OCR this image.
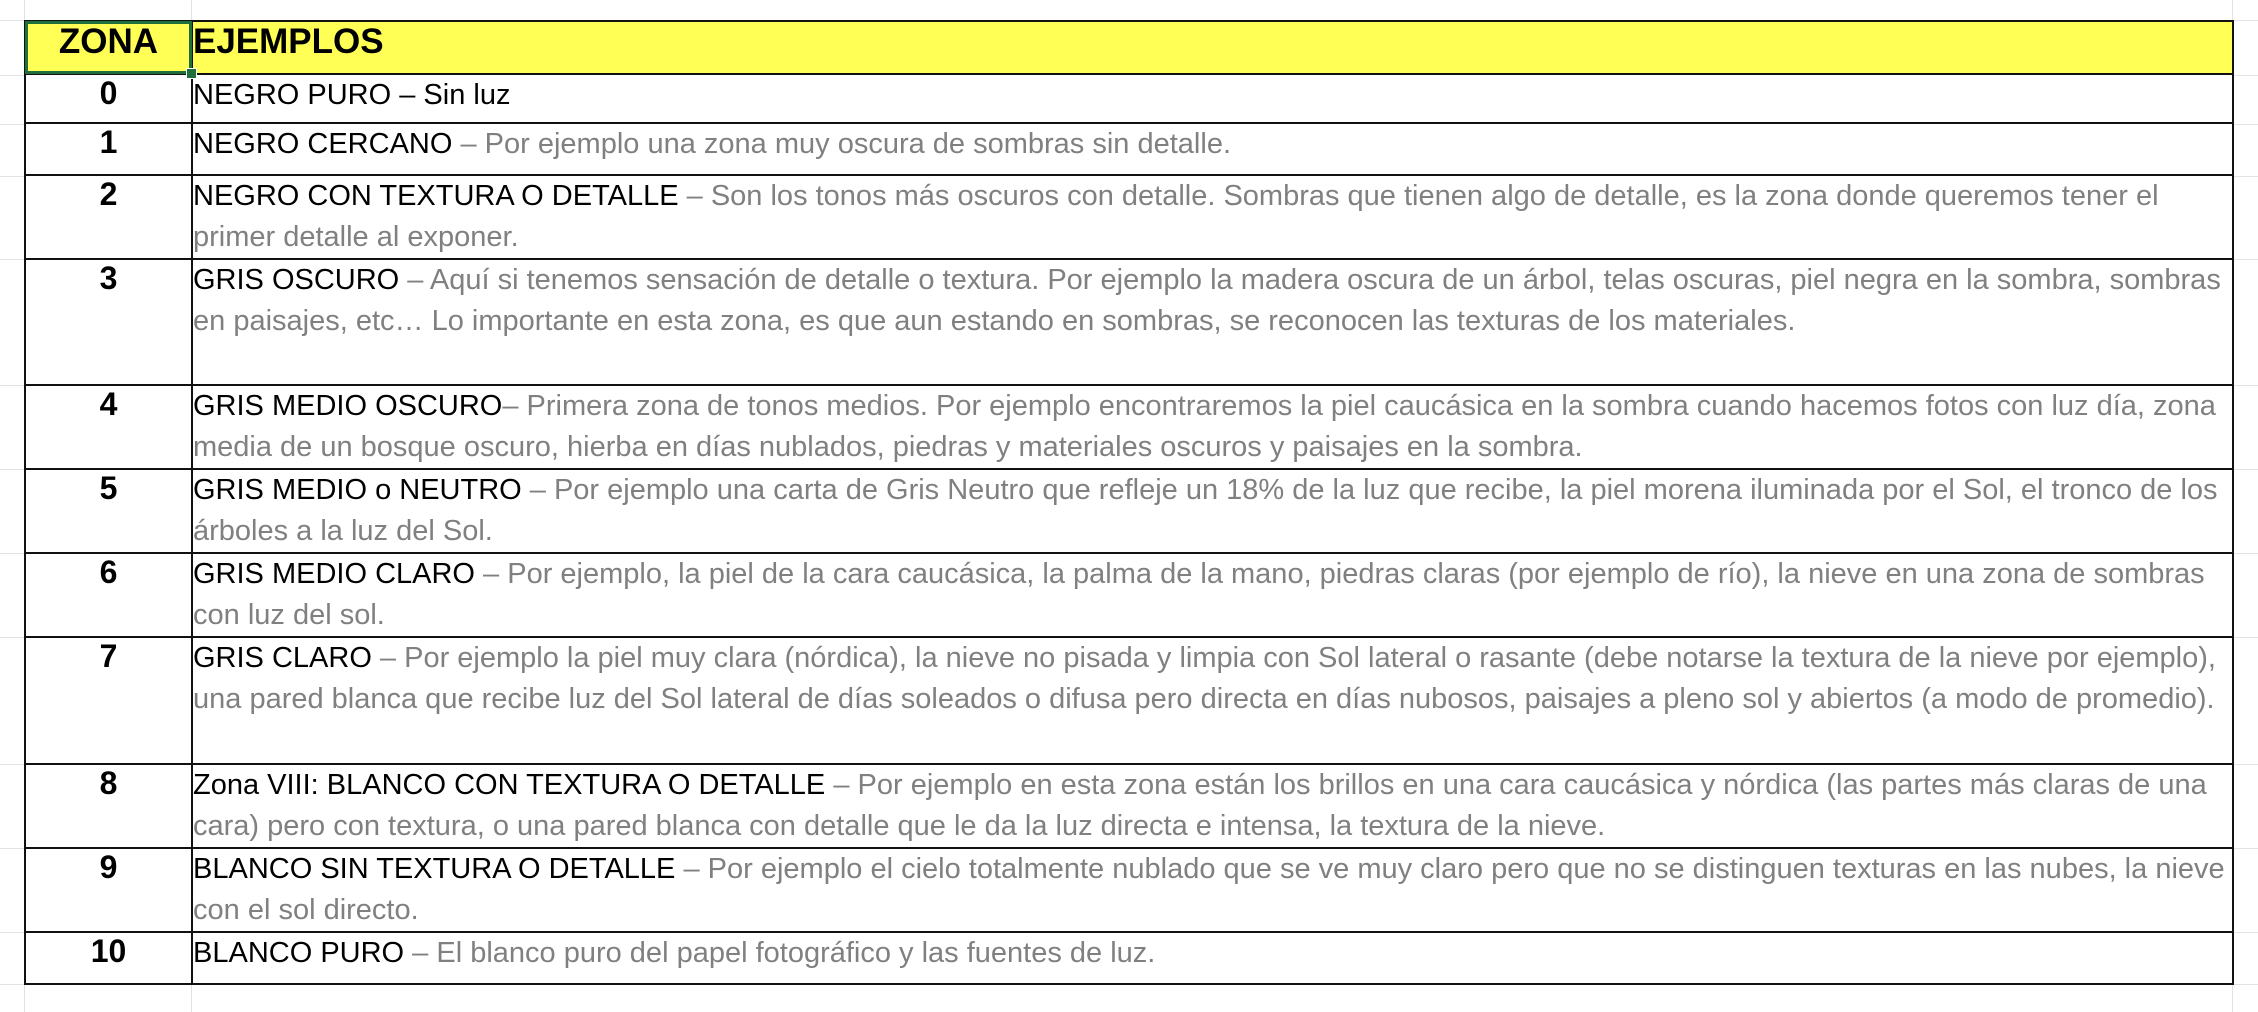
ZONA	EJEMPLOS
0	NEGRO PURO – Sin luz
1	NEGRO CERCANO – Por ejemplo una zona muy oscura de sombras sin detalle.
2	NEGRO CON TEXTURA O DETALLE – Son los tonos más oscuros con detalle. Sombras que tienen algo de detalle, es la zona donde queremos tener el primer detalle al exponer.
3	GRIS OSCURO – Aquí si tenemos sensación de detalle o textura. Por ejemplo la madera oscura de un árbol, telas oscuras, piel negra en la sombra, sombras en paisajes, etc… Lo importante en esta zona, es que aun estando en sombras, se reconocen las texturas de los materiales.
4	GRIS MEDIO OSCURO– Primera zona de tonos medios. Por ejemplo encontraremos la piel caucásica en la sombra cuando hacemos fotos con luz día, zona media de un bosque oscuro, hierba en días nublados, piedras y materiales oscuros y paisajes en la sombra.
5	GRIS MEDIO o NEUTRO – Por ejemplo una carta de Gris Neutro que refleje un 18% de la luz que recibe, la piel morena iluminada por el Sol, el tronco de los árboles a la luz del Sol.
6	GRIS MEDIO CLARO – Por ejemplo, la piel de la cara caucásica, la palma de la mano, piedras claras (por ejemplo de río), la nieve en una zona de sombras con luz del sol.
7	GRIS CLARO – Por ejemplo la piel muy clara (nórdica), la nieve no pisada y limpia con Sol lateral o rasante (debe notarse la textura de la nieve por ejemplo), una pared blanca que recibe luz del Sol lateral de días soleados o difusa pero directa en días nubosos, paisajes a pleno sol y abiertos (a modo de promedio).
8	Zona VIII: BLANCO CON TEXTURA O DETALLE – Por ejemplo en esta zona están los brillos en una cara caucásica y nórdica (las partes más claras de una cara) pero con textura, o una pared blanca con detalle que le da la luz directa e intensa, la textura de la nieve.
9	BLANCO SIN TEXTURA O DETALLE – Por ejemplo el cielo totalmente nublado que se ve muy claro pero que no se distinguen texturas en las nubes, la nieve con el sol directo.
10	BLANCO PURO – El blanco puro del papel fotográfico y las fuentes de luz.
